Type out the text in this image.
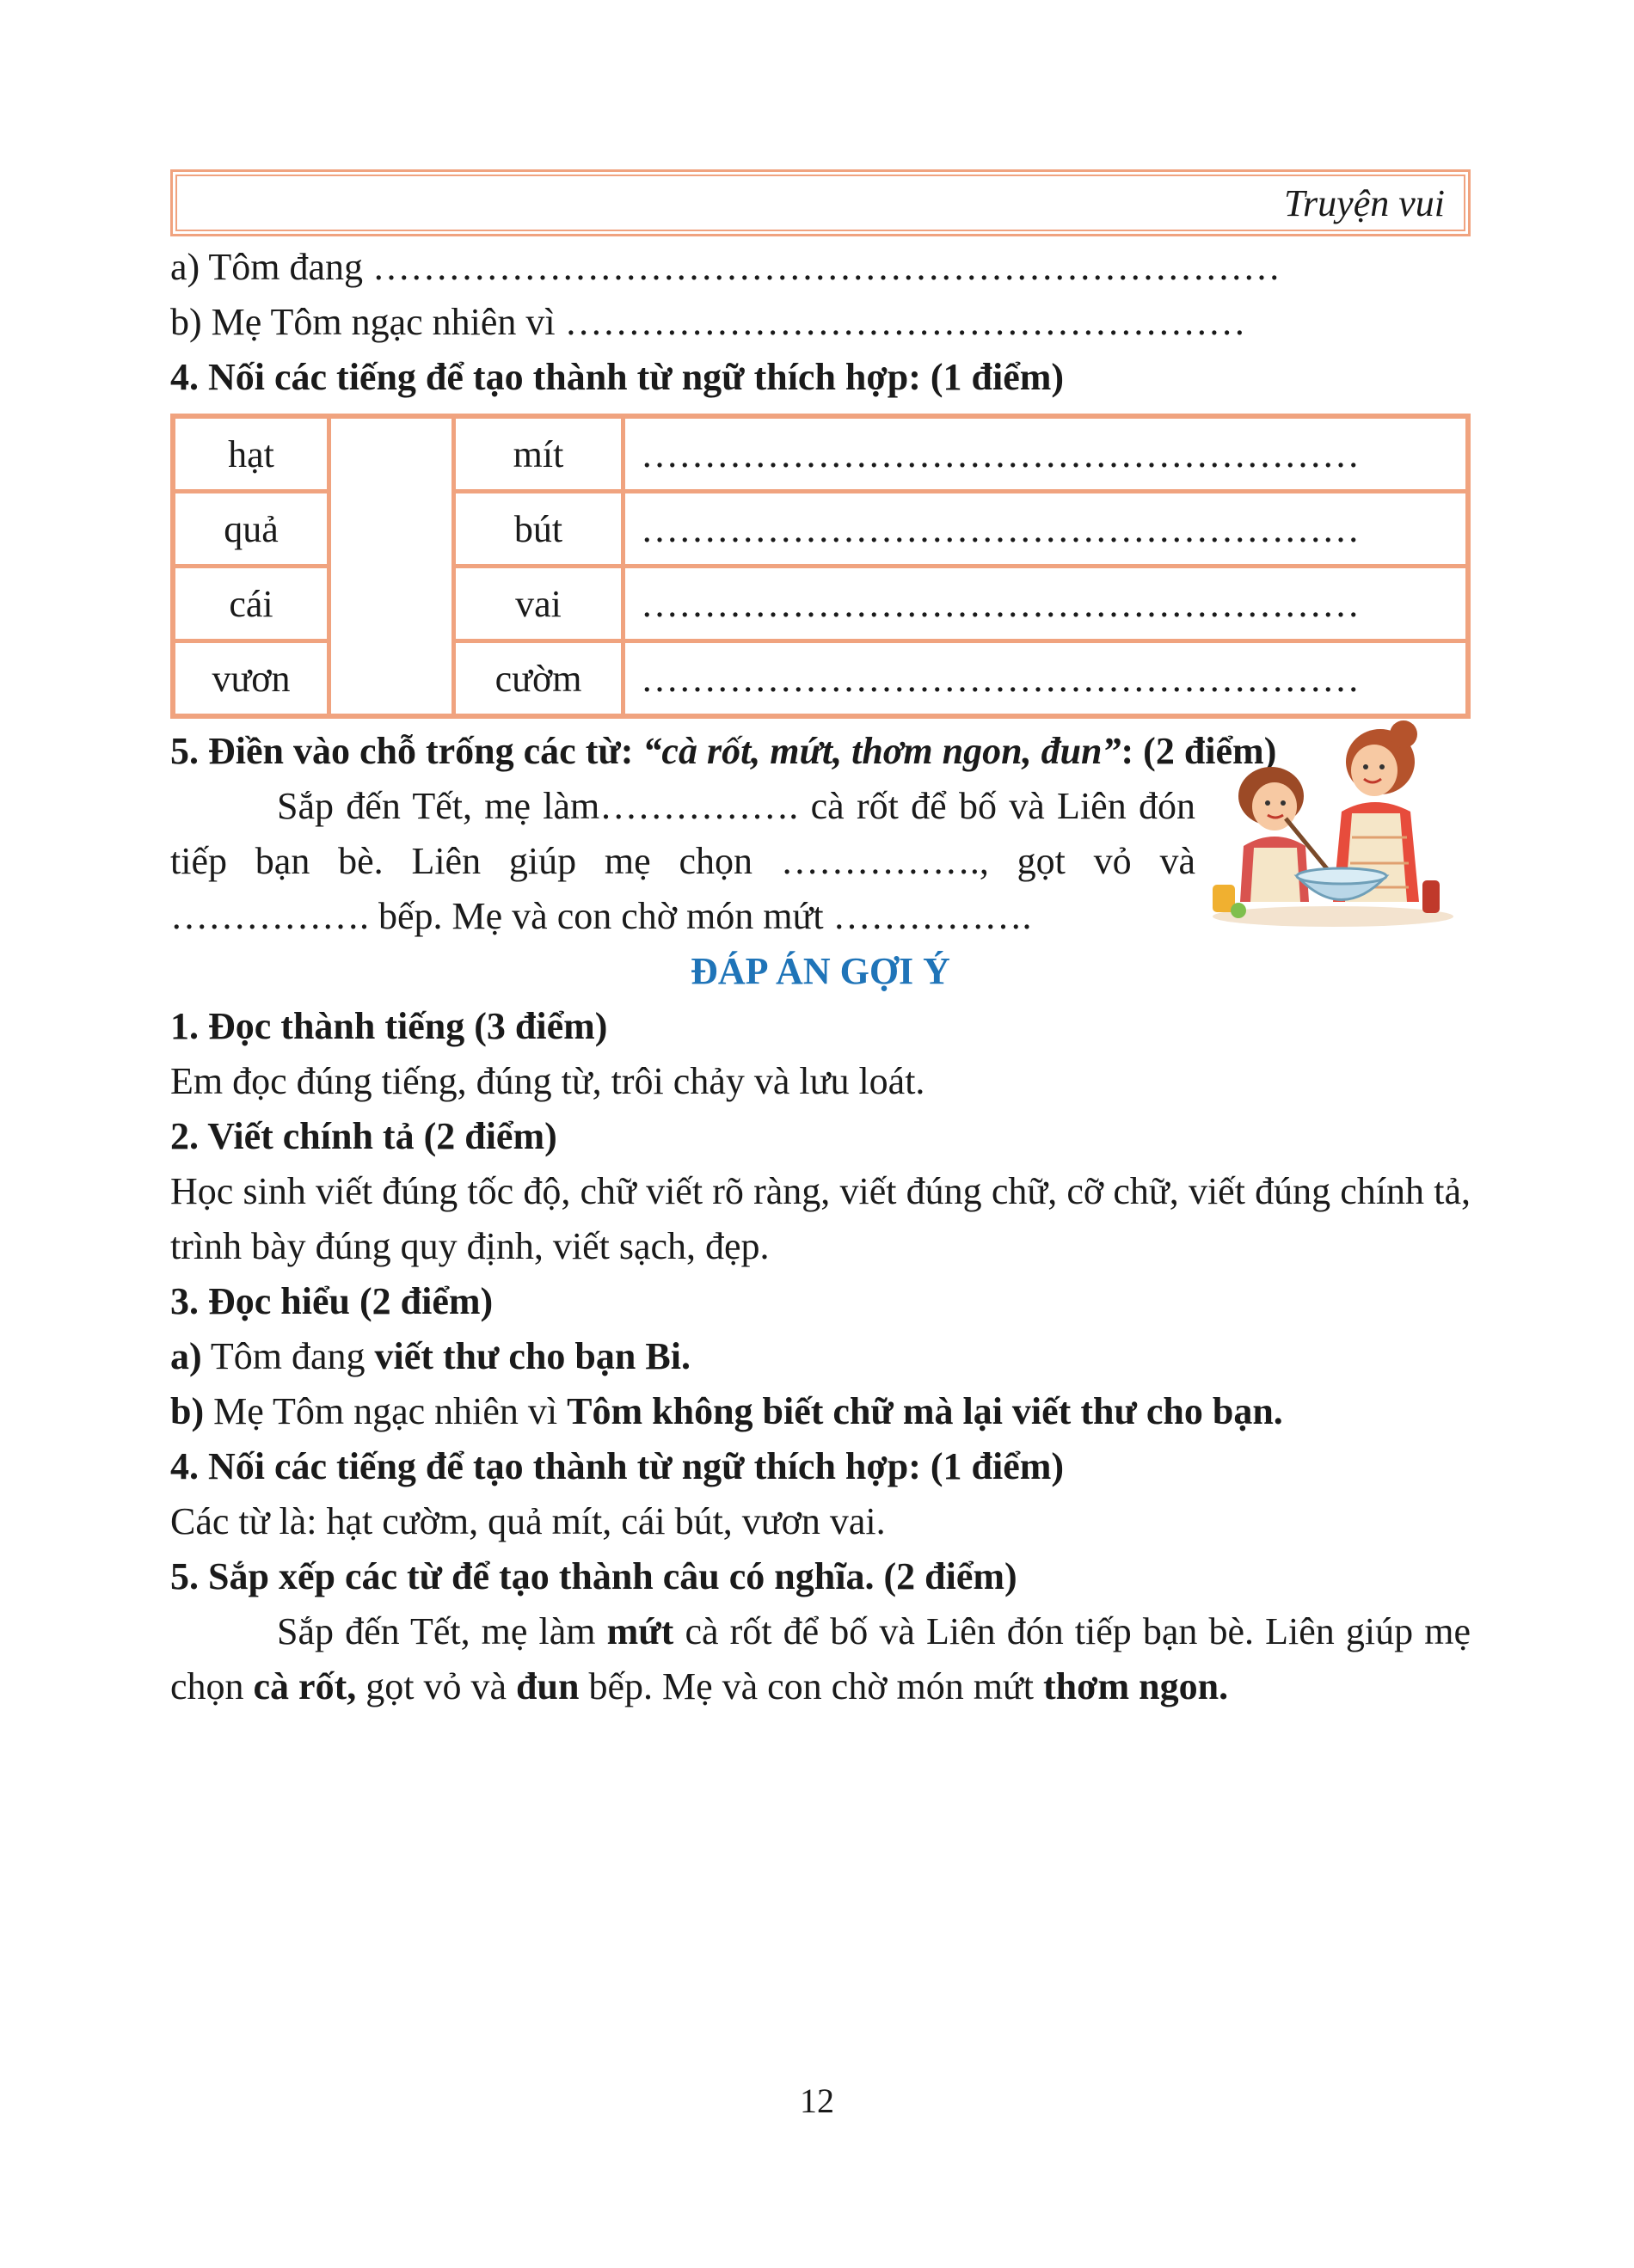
Truyện vui
a) Tôm đang ………………………………………………………………
b) Mẹ Tôm ngạc nhiên vì ………………………………………………
4. Nối các tiếng để tạo thành từ ngữ thích hợp: (1 điểm)
hạt		mít	…………………………………………………
quả		bút	…………………………………………………
cái		vai	…………………………………………………
vươn		cườm	…………………………………………………
5. Điền vào chỗ trống các từ: “cà rốt, mứt, thơm ngon, đun”: (2 điểm)
Sắp đến Tết, mẹ làm……………. cà rốt để bố và Liên đón tiếp bạn bè. Liên giúp mẹ chọn ……………., gọt vỏ và ……………. bếp. Mẹ và con chờ món mứt …………….
ĐÁP ÁN GỢI Ý
1. Đọc thành tiếng (3 điểm)
Em đọc đúng tiếng, đúng từ, trôi chảy và lưu loát.
2. Viết chính tả (2 điểm)
Học sinh viết đúng tốc độ, chữ viết rõ ràng, viết đúng chữ, cỡ chữ, viết đúng chính tả, trình bày đúng quy định, viết sạch, đẹp.
3. Đọc hiểu (2 điểm)
a) Tôm đang viết thư cho bạn Bi.
b) Mẹ Tôm ngạc nhiên vì Tôm không biết chữ mà lại viết thư cho bạn.
4. Nối các tiếng để tạo thành từ ngữ thích hợp: (1 điểm)
Các từ là: hạt cườm, quả mít, cái bút, vươn vai.
5. Sắp xếp các từ để tạo thành câu có nghĩa. (2 điểm)
Sắp đến Tết, mẹ làm mứt cà rốt để bố và Liên đón tiếp bạn bè. Liên giúp mẹ chọn cà rốt, gọt vỏ và đun bếp. Mẹ và con chờ món mứt thơm ngon.
12
